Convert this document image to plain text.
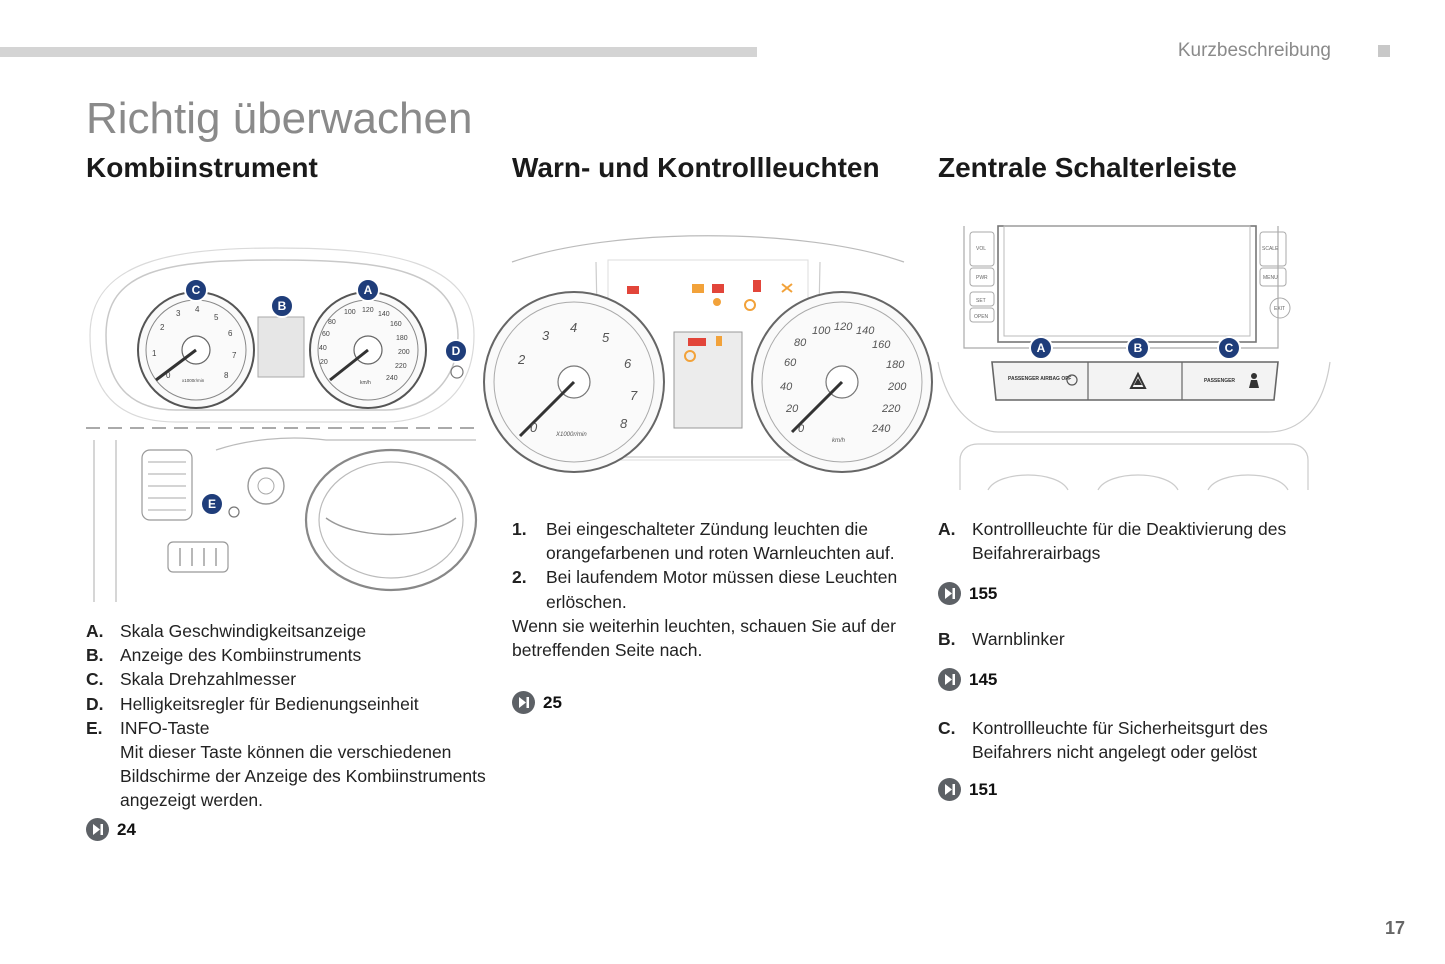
Kurzbeschreibung
Richtig überwachen
Kombiinstrument	Warn- und Kontrollleuchten Zentrale Schalterleiste
1
2
3 4
5
6
7
8
0
x1000r/min
20
40
60
80
100 120
140
160
180
200
220
240
km/h
C
B
A
D
E
2
3
4
5
6
7
8
0	X1000r/min
20
40
60
80
100 120 140
160
180
200
220
240
0
km/h
VOL
PWR
SET
OPEN
SCALE
MENU
EXIT
PASSENGER AIRBAG OFF	PASSENGER
A	B	C
A. Skala Geschwindigkeitsanzeige
B. Anzeige des Kombiinstruments
C. Skala Drehzahlmesser
D. Helligkeitsregler für Bedienungseinheit
E. INFO-Taste
Mit dieser Taste können die verschiedenen Bildschirme der Anzeige des Kombiinstruments angezeigt werden.
24
1.	Bei eingeschalteter Zündung leuchten die orangefarbenen und roten Warnleuchten auf.
2.	Bei laufendem Motor müssen diese Leuchten erlöschen.
Wenn sie weiterhin leuchten, schauen Sie auf der betreffenden Seite nach.
25
A. Kontrollleuchte für die Deaktivierung des Beifahrerairbags
155
B. Warnblinker
145
C. Kontrollleuchte für Sicherheitsgurt des Beifahrers nicht angelegt oder gelöst
151
17
